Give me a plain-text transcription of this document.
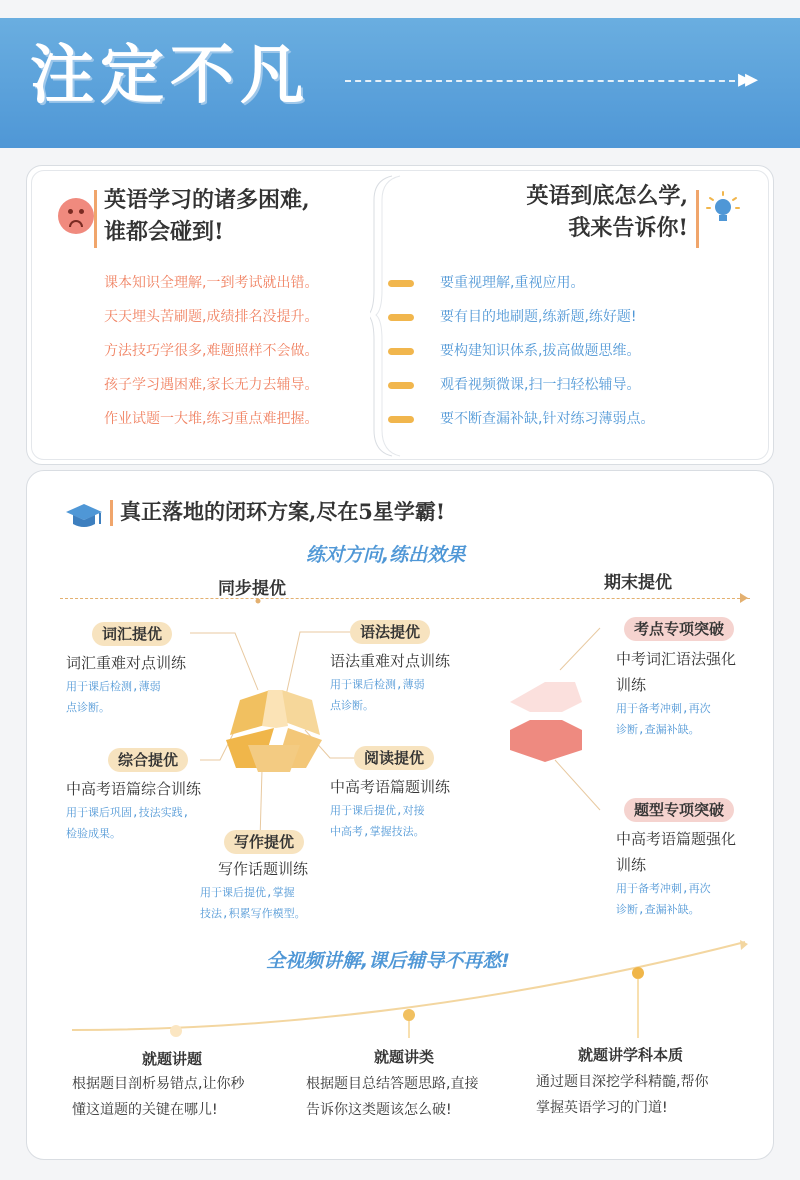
注定不凡	▸▸
英语学习的诸多困难,
谁都会碰到!
英语到底怎么学,
我来告诉你!
课本知识全理解,一到考试就出错。
天天埋头苦刷题,成绩排名没提升。
方法技巧学很多,难题照样不会做。
孩子学习遇困难,家长无力去辅导。
作业试题一大堆,练习重点难把握。
要重视理解,重视应用。
要有目的地刷题,练新题,练好题!
要构建知识体系,拔高做题思维。
观看视频微课,扫一扫轻松辅导。
要不断查漏补缺,针对练习薄弱点。
真正落地的闭环方案,尽在5星学霸!
练对方向,练出效果
同步提优	期末提优
词汇提优
词汇重难对点训练
用于课后检测,薄弱
点诊断。
语法提优
语法重难对点训练
用于课后检测,薄弱
点诊断。
综合提优
中高考语篇综合训练
用于课后巩固,技法实践,
检验成果。
阅读提优
中高考语篇题训练
用于课后提优,对接
中高考,掌握技法。
写作提优
写作话题训练
用于课后提优,掌握
技法,积累写作模型。
考点专项突破
中考词汇语法强化
训练
用于备考冲刺,再次
诊断,查漏补缺。
题型专项突破
中高考语篇题强化
训练
用于备考冲刺,再次
诊断,查漏补缺。
全视频讲解,课后辅导不再愁!
就题讲题
根据题目剖析易错点,让你秒
懂这道题的关键在哪儿!
就题讲类
根据题目总结答题思路,直接
告诉你这类题该怎么破!
就题讲学科本质
通过题目深挖学科精髓,帮你
掌握英语学习的门道!
